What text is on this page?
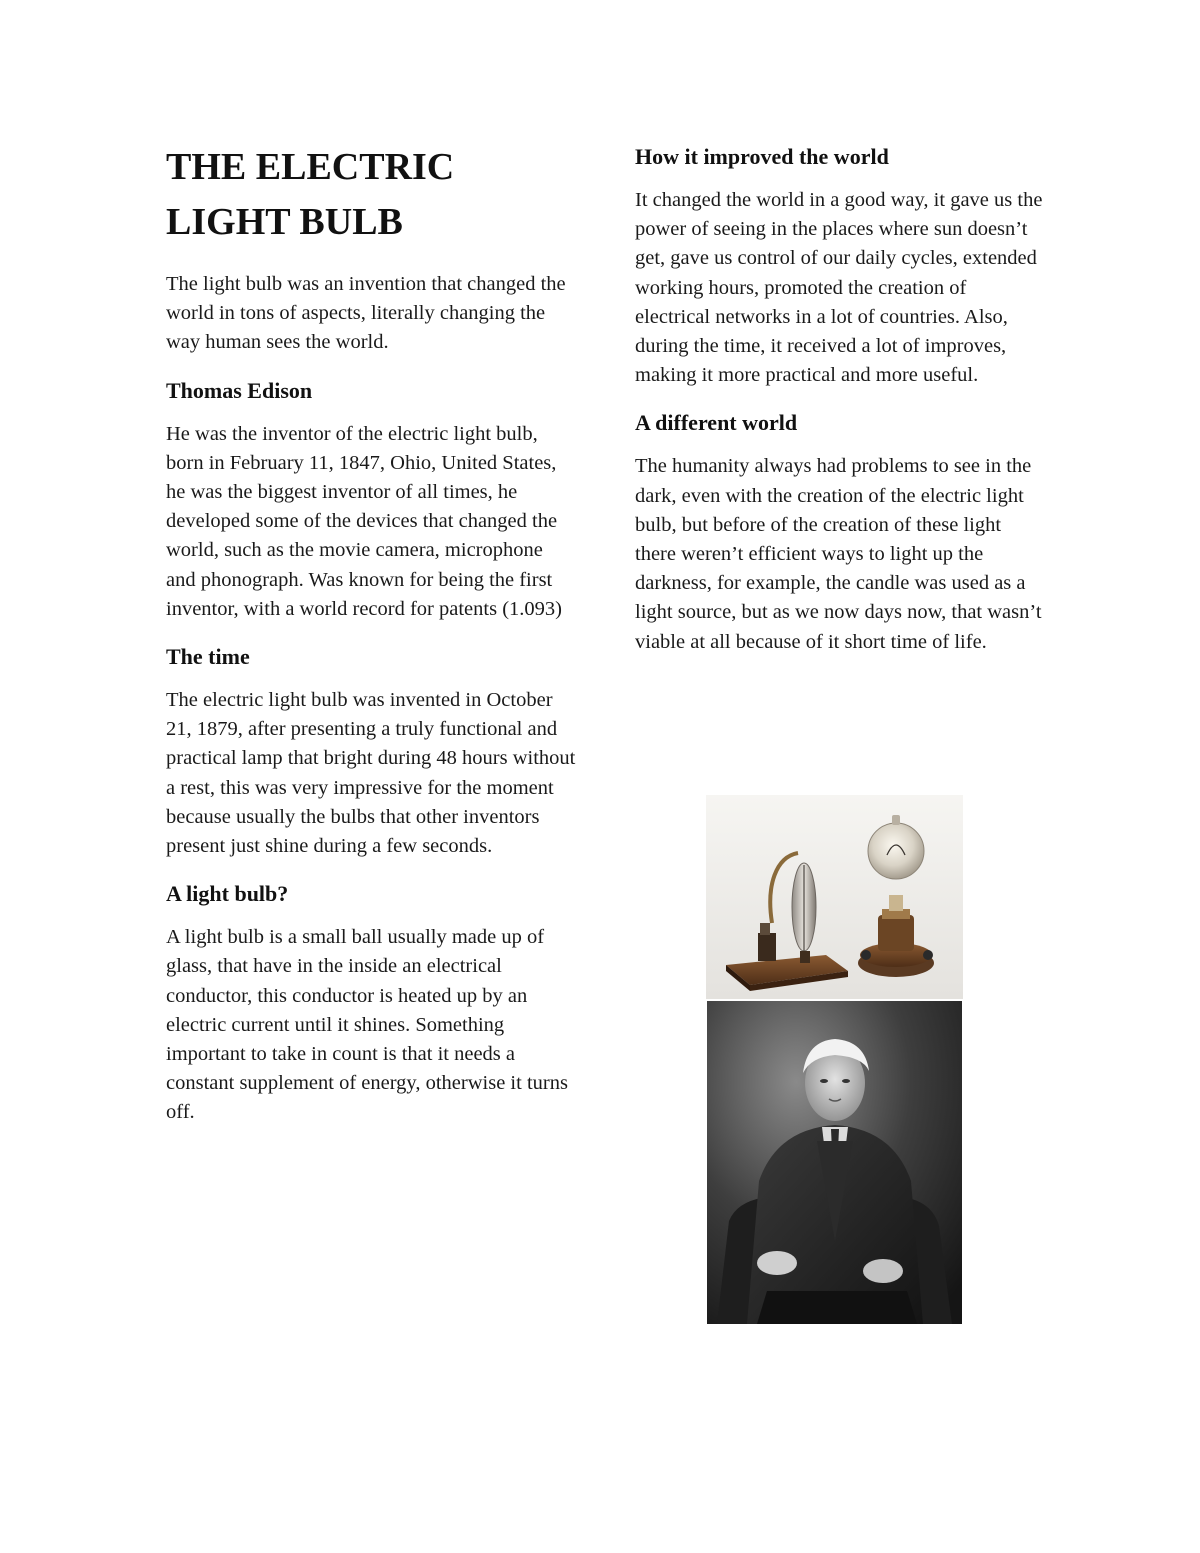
THE ELECTRIC LIGHT BULB

The light bulb was an invention that changed the world in tons of aspects, literally changing the way human sees the world.

Thomas Edison

He was the inventor of the electric light bulb, born in February 11, 1847, Ohio, United States, he was the biggest inventor of all times, he developed some of the devices that changed the world, such as the movie camera, microphone and phonograph. Was known for being the first inventor, with a world record for patents (1.093)

The time

The electric light bulb was invented in October 21, 1879, after presenting a truly functional and practical lamp that bright during 48 hours without a rest, this was very impressive for the moment because usually the bulbs that other inventors present just shine during a few seconds.

A light bulb?

A light bulb is a small ball usually made up of glass, that have in the inside an electrical conductor, this conductor is heated up by an electric current until it shines. Something important to take in count is that it needs a constant supplement of energy, otherwise it turns off.

How it improved the world

It changed the world in a good way, it gave us the power of seeing in the places where sun doesn’t get, gave us control of our daily cycles, extended working hours, promoted the creation of electrical networks in a lot of countries. Also, during the time, it received a lot of improves, making it more practical and more useful.

A different world

The humanity always had problems to see in the dark, even with the creation of the electric light bulb, but before of the creation of these light there weren’t efficient ways to light up the darkness, for example, the candle was used as a light source, but as we now days now, that wasn’t viable at all because of it short time of life.
